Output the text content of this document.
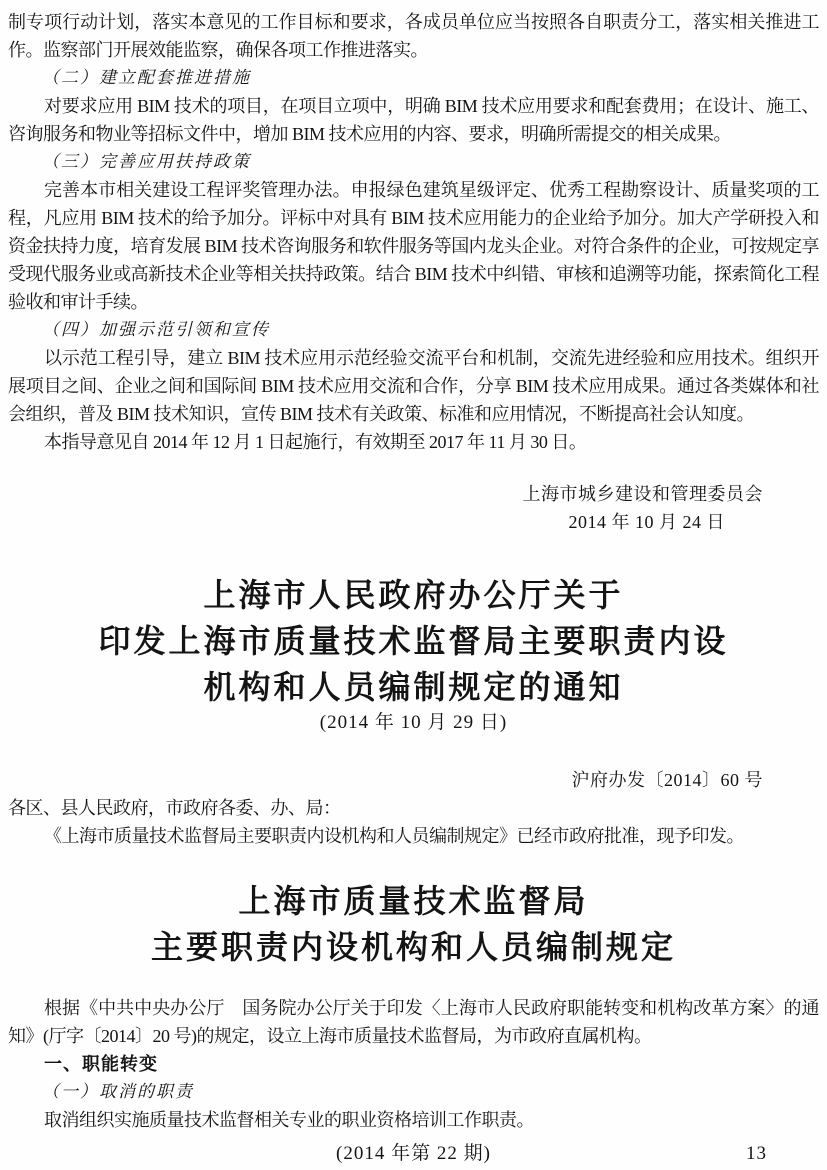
制专项行动计划，落实本意见的工作目标和要求，各成员单位应当按照各自职责分工，落实相关推进工作。监察部门开展效能监察，确保各项工作推进落实。

（二）建立配套推进措施

对要求应用 BIM 技术的项目，在项目立项中，明确 BIM 技术应用要求和配套费用；在设计、施工、咨询服务和物业等招标文件中，增加 BIM 技术应用的内容、要求，明确所需提交的相关成果。

（三）完善应用扶持政策

完善本市相关建设工程评奖管理办法。申报绿色建筑星级评定、优秀工程勘察设计、质量奖项的工程，凡应用 BIM 技术的给予加分。评标中对具有 BIM 技术应用能力的企业给予加分。加大产学研投入和资金扶持力度，培育发展 BIM 技术咨询服务和软件服务等国内龙头企业。对符合条件的企业，可按规定享受现代服务业或高新技术企业等相关扶持政策。结合 BIM 技术中纠错、审核和追溯等功能，探索简化工程验收和审计手续。

（四）加强示范引领和宣传

以示范工程引导，建立 BIM 技术应用示范经验交流平台和机制，交流先进经验和应用技术。组织开展项目之间、企业之间和国际间 BIM 技术应用交流和合作，分享 BIM 技术应用成果。通过各类媒体和社会组织，普及 BIM 技术知识，宣传 BIM 技术有关政策、标准和应用情况，不断提高社会认知度。

本指导意见自 2014 年 12 月 1 日起施行，有效期至 2017 年 11 月 30 日。

上海市城乡建设和管理委员会

2014 年 10 月 24 日

上海市人民政府办公厅关于
印发上海市质量技术监督局主要职责内设
机构和人员编制规定的通知

(2014 年 10 月 29 日)

沪府办发〔2014〕60 号

各区、县人民政府，市政府各委、办、局：

《上海市质量技术监督局主要职责内设机构和人员编制规定》已经市政府批准，现予印发。

上海市质量技术监督局
主要职责内设机构和人员编制规定

根据《中共中央办公厅　国务院办公厅关于印发〈上海市人民政府职能转变和机构改革方案〉的通知》(厅字〔2014〕20 号)的规定，设立上海市质量技术监督局，为市政府直属机构。

一、职能转变

（一）取消的职责

取消组织实施质量技术监督相关专业的职业资格培训工作职责。

(2014 年第 22 期)	13
